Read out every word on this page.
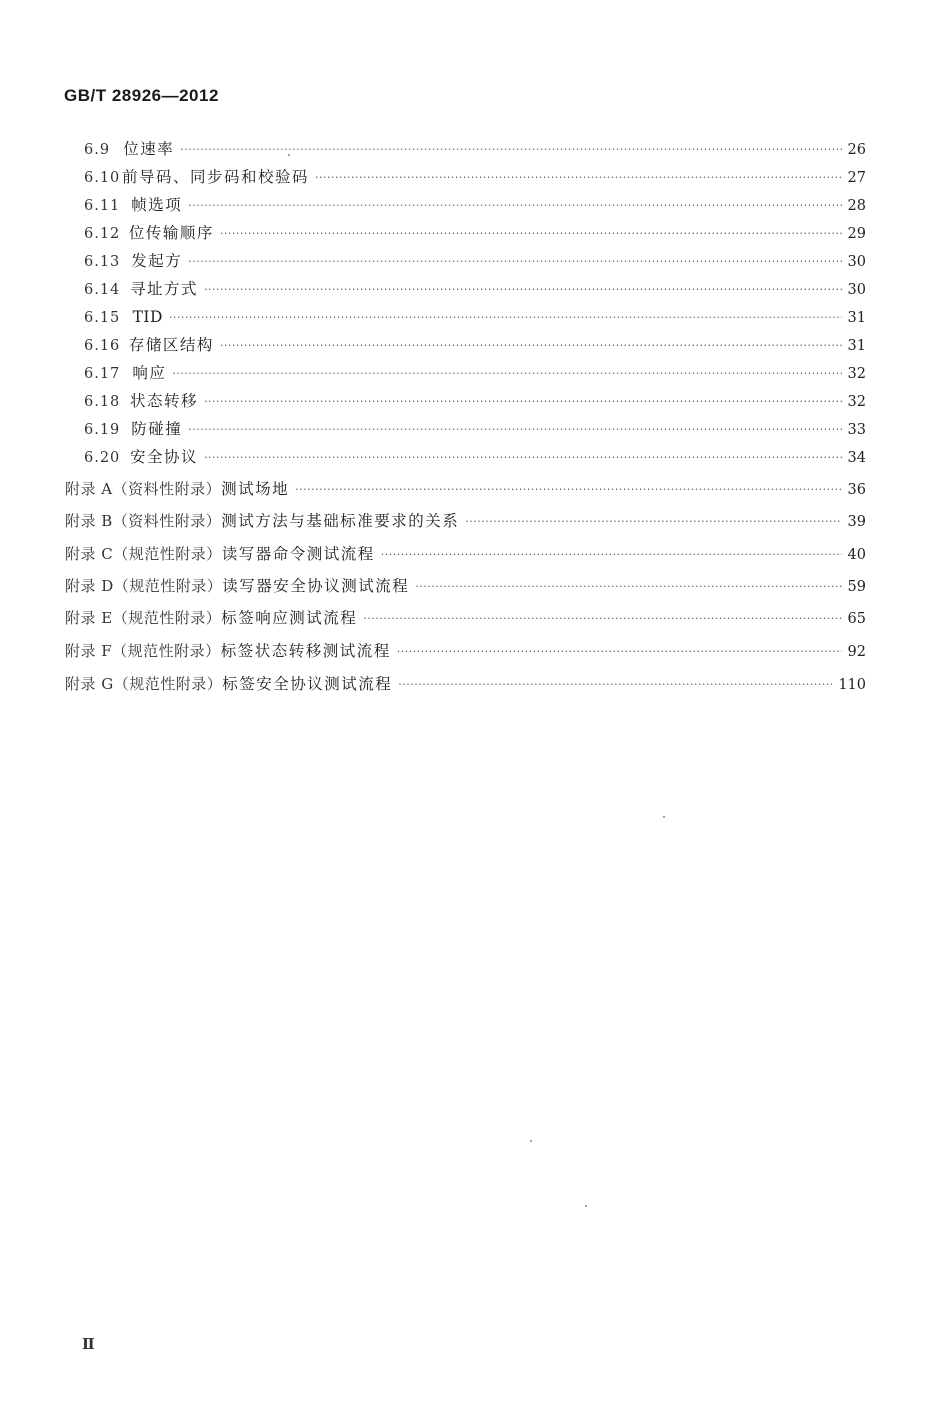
GB/T 28926—2012
6.9 位速率 ·····	26
6.10 前导码、同步码和校验码 ·····	27
6.11 帧选项 ·····	28
6.12 位传输顺序 ·····	29
6.13 发起方 ·····	30
6.14 寻址方式 ·····	30
6.15 TID ·····	31
6.16 存储区结构 ·····	31
6.17 响应 ·····	32
6.18 状态转移 ·····	32
6.19 防碰撞 ·····	33
6.20 安全协议 ·····	34
附录 A（资料性附录） 测试场地 ·····	36
附录 B（资料性附录） 测试方法与基础标准要求的关系 ·····	39
附录 C（规范性附录） 读写器命令测试流程 ·····	40
附录 D（规范性附录） 读写器安全协议测试流程 ·····	59
附录 E（规范性附录） 标签响应测试流程 ·····	65
附录 F（规范性附录） 标签状态转移测试流程 ·····	92
附录 G（规范性附录） 标签安全协议测试流程 ·····	110
Ⅱ
